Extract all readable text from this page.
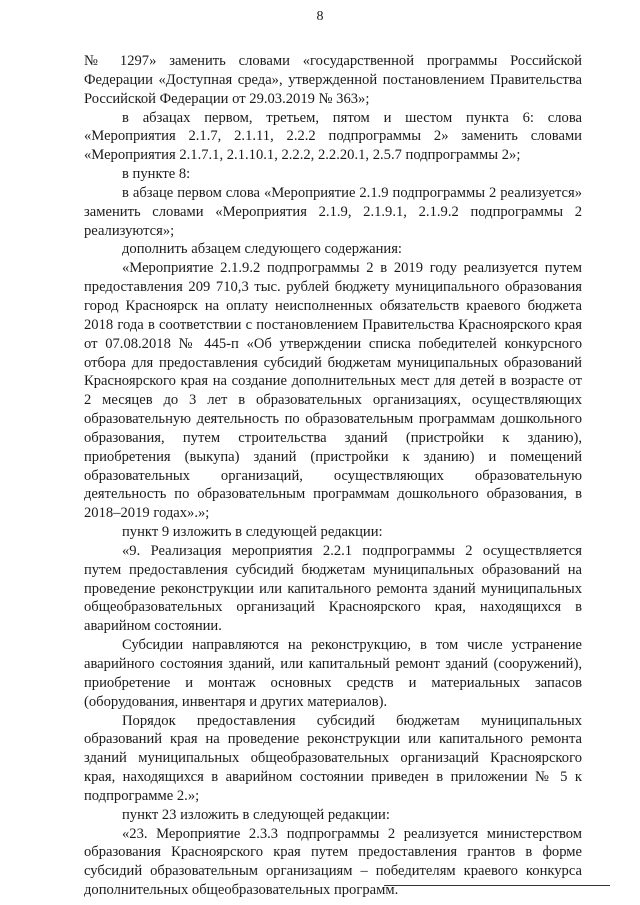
8

№ 1297» заменить словами «государственной программы Российской Федерации «Доступная среда», утвержденной постановлением Правительства Российской Федерации от 29.03.2019 № 363»;

в абзацах первом, третьем, пятом и шестом пункта 6: слова «Мероприятия 2.1.7, 2.1.11, 2.2.2 подпрограммы 2» заменить словами «Мероприятия 2.1.7.1, 2.1.10.1, 2.2.2, 2.2.20.1, 2.5.7 подпрограммы 2»;

в пункте 8:

в абзаце первом слова «Мероприятие 2.1.9 подпрограммы 2 реализуется» заменить словами «Мероприятия 2.1.9, 2.1.9.1, 2.1.9.2 подпрограммы 2 реализуются»;

дополнить абзацем следующего содержания:

«Мероприятие 2.1.9.2 подпрограммы 2 в 2019 году реализуется путем предоставления 209 710,3 тыс. рублей бюджету муниципального образования город Красноярск на оплату неисполненных обязательств краевого бюджета 2018 года в соответствии с постановлением Правительства Красноярского края от 07.08.2018 № 445-п «Об утверждении списка победителей конкурсного отбора для предоставления субсидий бюджетам муниципальных образований Красноярского края на создание дополнительных мест для детей в возрасте от 2 месяцев до 3 лет в образовательных организациях, осуществляющих образовательную деятельность по образовательным программам дошкольного образования, путем строительства зданий (пристройки к зданию), приобретения (выкупа) зданий (пристройки к зданию) и помещений образовательных организаций, осуществляющих образовательную деятельность по образовательным программам дошкольного образования, в 2018–2019 годах».»;

пункт 9 изложить в следующей редакции:

«9. Реализация мероприятия 2.2.1 подпрограммы 2 осуществляется путем предоставления субсидий бюджетам муниципальных образований на проведение реконструкции или капитального ремонта зданий муниципальных общеобразовательных организаций Красноярского края, находящихся в аварийном состоянии.

Субсидии направляются на реконструкцию, в том числе устранение аварийного состояния зданий, или капитальный ремонт зданий (сооружений), приобретение и монтаж основных средств и материальных запасов (оборудования, инвентаря и других материалов).

Порядок предоставления субсидий бюджетам муниципальных образований края на проведение реконструкции или капитального ремонта зданий муниципальных общеобразовательных организаций Красноярского края, находящихся в аварийном состоянии приведен в приложении № 5 к подпрограмме 2.»;

пункт 23 изложить в следующей редакции:

«23. Мероприятие 2.3.3 подпрограммы 2 реализуется министерством образования Красноярского края путем предоставления грантов в форме субсидий образовательным организациям – победителям краевого конкурса дополнительных общеобразовательных программ.
